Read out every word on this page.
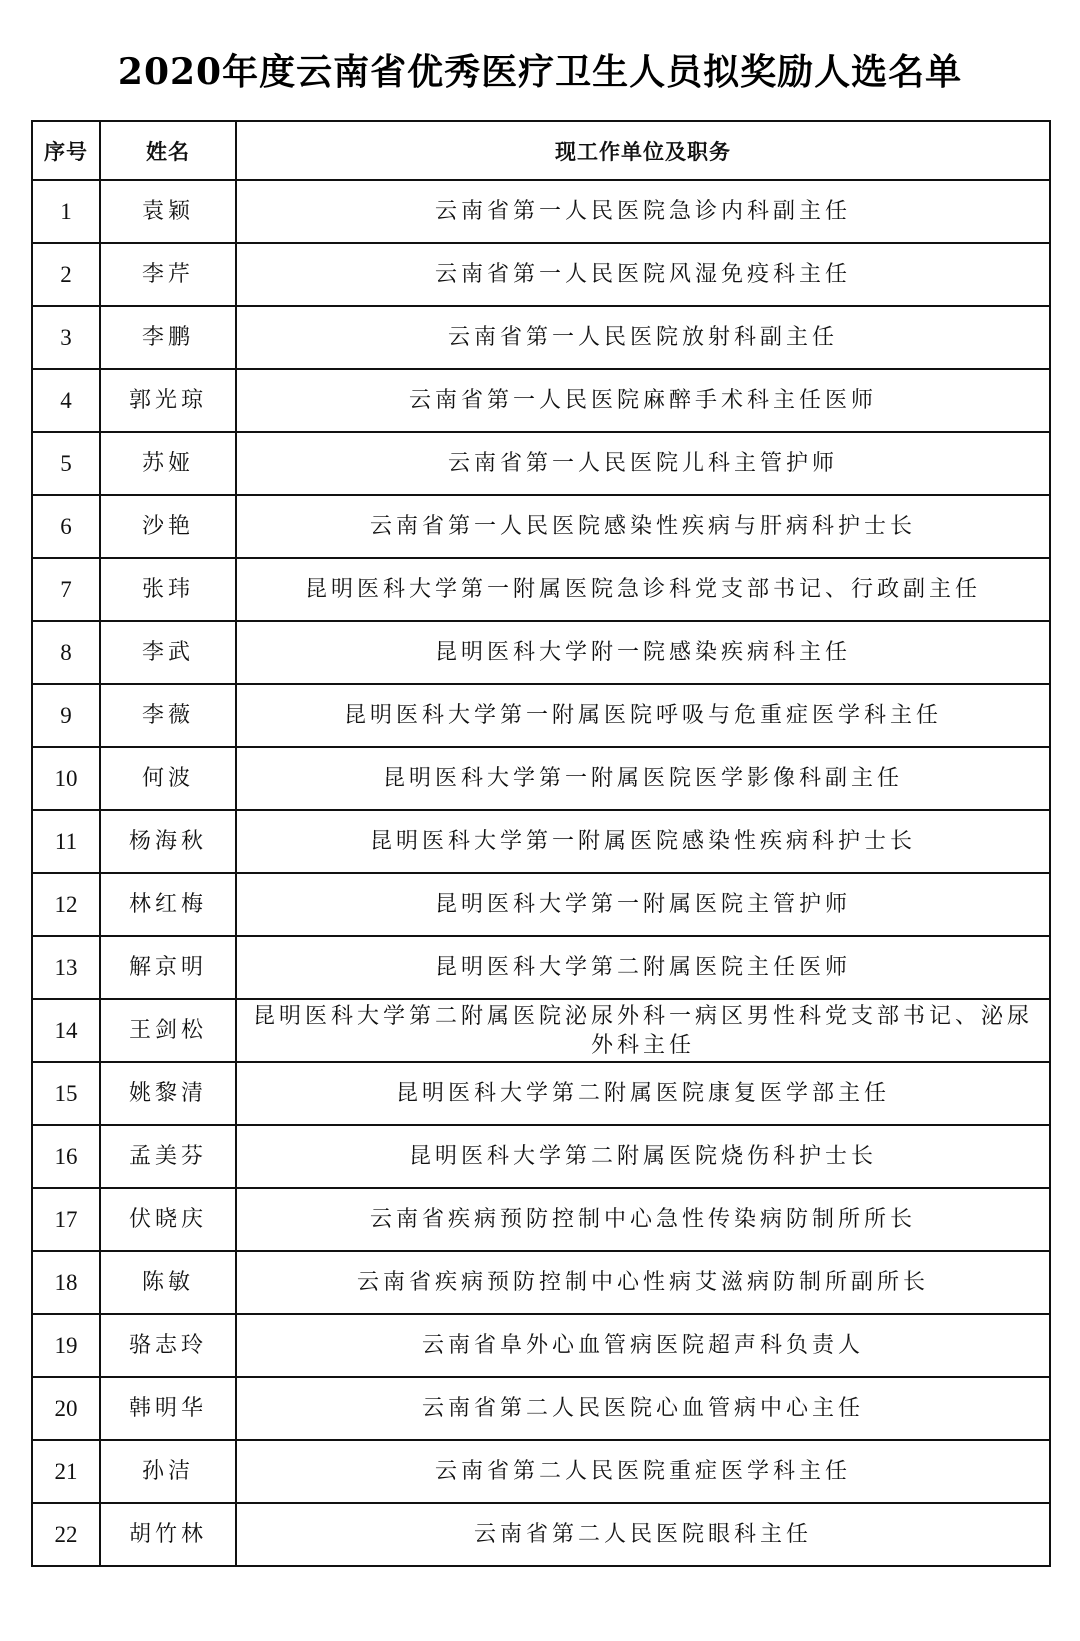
2020年度云南省优秀医疗卫生人员拟奖励人选名单
序号	姓名	现工作单位及职务
1	袁颖	云南省第一人民医院急诊内科副主任
2	李芹	云南省第一人民医院风湿免疫科主任
3	李鹏	云南省第一人民医院放射科副主任
4	郭光琼	云南省第一人民医院麻醉手术科主任医师
5	苏娅	云南省第一人民医院儿科主管护师
6	沙艳	云南省第一人民医院感染性疾病与肝病科护士长
7	张玮	昆明医科大学第一附属医院急诊科党支部书记、行政副主任
8	李武	昆明医科大学附一院感染疾病科主任
9	李薇	昆明医科大学第一附属医院呼吸与危重症医学科主任
10	何波	昆明医科大学第一附属医院医学影像科副主任
11	杨海秋	昆明医科大学第一附属医院感染性疾病科护士长
12	林红梅	昆明医科大学第一附属医院主管护师
13	解京明	昆明医科大学第二附属医院主任医师
14	王剑松	昆明医科大学第二附属医院泌尿外科一病区男性科党支部书记、泌尿外科主任
15	姚黎清	昆明医科大学第二附属医院康复医学部主任
16	孟美芬	昆明医科大学第二附属医院烧伤科护士长
17	伏晓庆	云南省疾病预防控制中心急性传染病防制所所长
18	陈敏	云南省疾病预防控制中心性病艾滋病防制所副所长
19	骆志玲	云南省阜外心血管病医院超声科负责人
20	韩明华	云南省第二人民医院心血管病中心主任
21	孙洁	云南省第二人民医院重症医学科主任
22	胡竹林	云南省第二人民医院眼科主任
